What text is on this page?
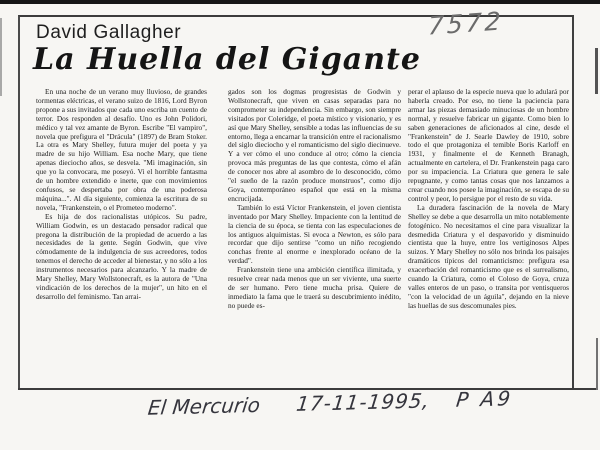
7572
David Gallagher
La Huella del Gigante

En una noche de un verano muy lluvioso, de grandes tormentas eléctricas, el verano suizo de 1816, Lord Byron propone a sus invitados que cada uno escriba un cuento de terror. Dos responden al desafío. Uno es John Polidori, médico y tal vez amante de Byron. Escribe "El vampiro", novela que prefigura el "Drácula" (1897) de Bram Stoker. La otra es Mary Shelley, futura mujer del poeta y ya madre de su hijo William. Esa noche Mary, que tiene apenas dieciocho años, se desvela. "Mi imaginación, sin que yo la convocara, me poseyó. Vi el horrible fantasma de un hombre extendido e inerte, que con movimientos confusos, se despertaba por obra de una poderosa máquina...". Al día siguiente, comienza la escritura de su novela, "Frankenstein, o el Prometeo moderno".

Es hija de dos racionalistas utópicos. Su padre, William Godwin, es un destacado pensador radical que pregona la distribución de la propiedad de acuerdo a las necesidades de la gente. Según Godwin, que vive cómodamente de la indulgencia de sus acreedores, todos tenemos el derecho de acceder al bienestar, y no sólo a los instrumentos necesarios para alcanzarlo. Y la madre de Mary Shelley, Mary Wollstonecraft, es la autora de "Una vindicación de los derechos de la mujer", un hito en el desarrollo del feminismo. Tan arrai-

gados son los dogmas progresistas de Godwin y Wollstonecraft, que viven en casas separadas para no comprometer su independencia. Sin embargo, son siempre visitados por Coleridge, el poeta místico y visionario, y es así que Mary Shelley, sensible a todas las influencias de su entorno, llega a encarnar la transición entre el racionalismo del siglo dieciocho y el romanticismo del siglo diecinueve. Y a ver cómo el uno conduce al otro; cómo la ciencia provoca más preguntas de las que contesta, cómo el afán de conocer nos abre al asombro de lo desconocido, cómo "el sueño de la razón produce monstruos", como dijo Goya, contemporáneo español que está en la misma encrucijada.

También lo está Víctor Frankenstein, el joven cientista inventado por Mary Shelley. Impaciente con la lentitud de la ciencia de su época, se tienta con las especulaciones de los antiguos alquimistas. Si evoca a Newton, es sólo para recordar que dijo sentirse "como un niño recogiendo conchas frente al enorme e inexplorado océano de la verdad".

Frankenstein tiene una ambición científica ilimitada, y resuelve crear nada menos que un ser viviente, una suerte de ser humano. Pero tiene mucha prisa. Quiere de inmediato la fama que le traerá su descubrimiento inédito, no puede es-

perar el aplauso de la especie nueva que lo adulará por haberla creado. Por eso, no tiene la paciencia para armar las piezas demasiado minuciosas de un hombre normal, y resuelve fabricar un gigante. Como bien lo saben generaciones de aficionados al cine, desde el "Frankenstein" de J. Searle Dawley de 1910, sobre todo el que protagoniza el temible Boris Karloff en 1931, y finalmente el de Kenneth Branagh, actualmente en cartelera, el Dr. Frankenstein paga caro por su impaciencia. La Criatura que genera le sale repugnante, y como tantas cosas que nos lanzamos a crear cuando nos posee la imaginación, se escapa de su control y peor, lo persigue por el resto de su vida.

La duradera fascinación de la novela de Mary Shelley se debe a que desarrolla un mito notablemente fotogénico. No necesitamos el cine para visualizar la desmedida Criatura y el despavorido y disminuido cientista que la huye, entre los vertiginosos Alpes suizos. Y Mary Shelley no sólo nos brinda los paisajes dramáticos típicos del romanticismo: prefigura esa exacerbación del romanticismo que es el surrealismo, cuando la Criatura, como el Coloso de Goya, cruza valles enteros de un paso, o transita por ventisqueros "con la velocidad de un águila", dejando en la nieve las huellas de sus descomunales pies.

El Mercurio 17-11-1995, P A9
